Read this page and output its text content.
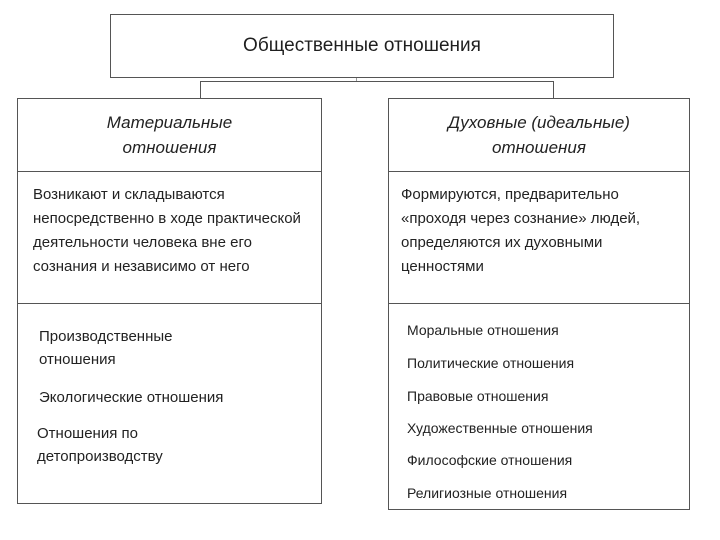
Общественные отношения
Материальные отношения
Возникают и складываются непосредственно в ходе практической деятельности человека вне его сознания и независимо от него
Производственные отношения
Экологические отношения
Отношения по детопроизводству
Духовные (идеальные) отношения
Формируются, предварительно «проходя через сознание» людей, определяются их духовными ценностями
Моральные отношения
Политические отношения
Правовые отношения
Художественные отношения
Философские отношения
Религиозные отношения
